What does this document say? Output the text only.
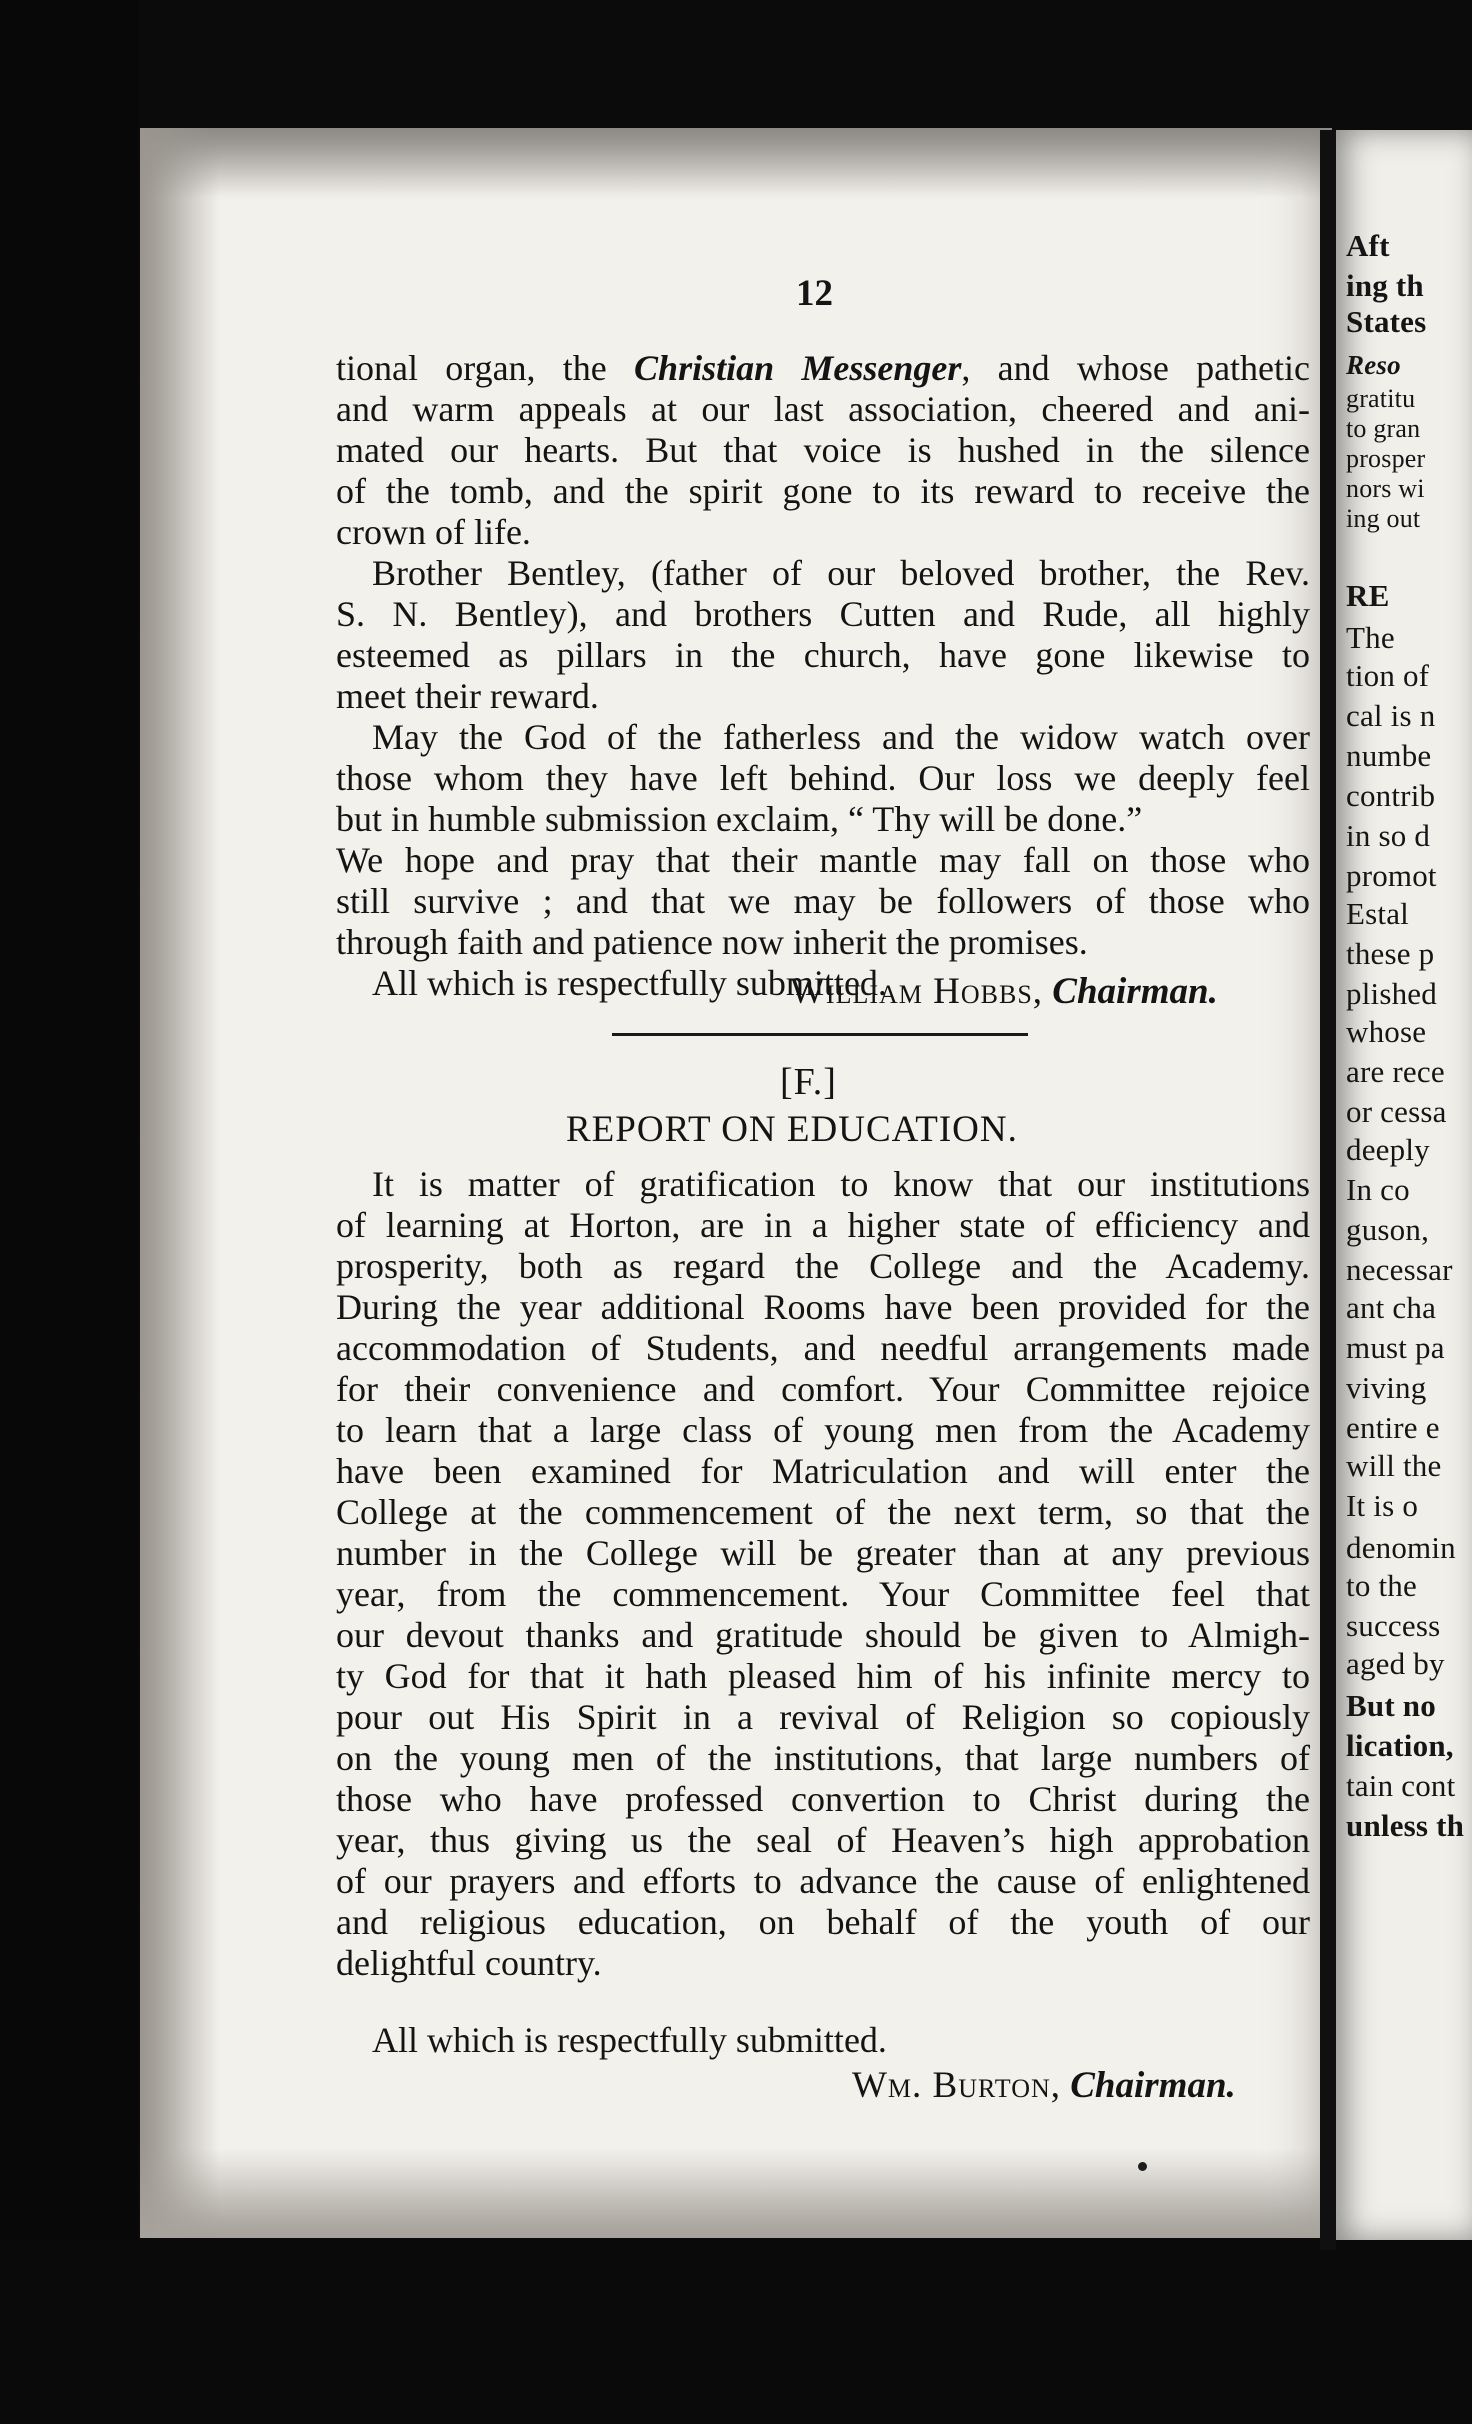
Aft
ing th
States
Reso
gratitu
to gran
prosper
nors wi
ing out
RE
The
tion of
cal is n
numbe
contrib
in so d
promot
Estal
these p
plished
whose
are rece
or cessa
deeply
In co
guson,
necessar
ant cha
must pa
viving
entire e
will the
It is o
denomin
to the
success
aged by
But no
lication,
tain cont
unless th
12
tional organ, the Christian Messenger, and whose pathetic
and warm appeals at our last association, cheered and ani-
mated our hearts. But that voice is hushed in the silence
of the tomb, and the spirit gone to its reward to receive the
crown of life.
Brother Bentley, (father of our beloved brother, the Rev.
S. N. Bentley), and brothers Cutten and Rude, all highly
esteemed as pillars in the church, have gone likewise to
meet their reward.
May the God of the fatherless and the widow watch over
those whom they have left behind. Our loss we deeply feel
but in humble submission exclaim, “ Thy will be done.”
We hope and pray that their mantle may fall on those who
still survive ; and that we may be followers of those who
through faith and patience now inherit the promises.
All which is respectfully submitted.
William Hobbs, Chairman.
[F.]
REPORT ON EDUCATION.
It is matter of gratification to know that our institutions
of learning at Horton, are in a higher state of efficiency and
prosperity, both as regard the College and the Academy.
During the year additional Rooms have been provided for the
accommodation of Students, and needful arrangements made
for their convenience and comfort. Your Committee rejoice
to learn that a large class of young men from the Academy
have been examined for Matriculation and will enter the
College at the commencement of the next term, so that the
number in the College will be greater than at any previous
year, from the commencement. Your Committee feel that
our devout thanks and gratitude should be given to Almigh-
ty God for that it hath pleased him of his infinite mercy to
pour out His Spirit in a revival of Religion so copiously
on the young men of the institutions, that large numbers of
those who have professed convertion to Christ during the
year, thus giving us the seal of Heaven’s high approbation
of our prayers and efforts to advance the cause of enlightened
and religious education, on behalf of the youth of our
delightful country.
All which is respectfully submitted.
Wm. Burton, Chairman.
